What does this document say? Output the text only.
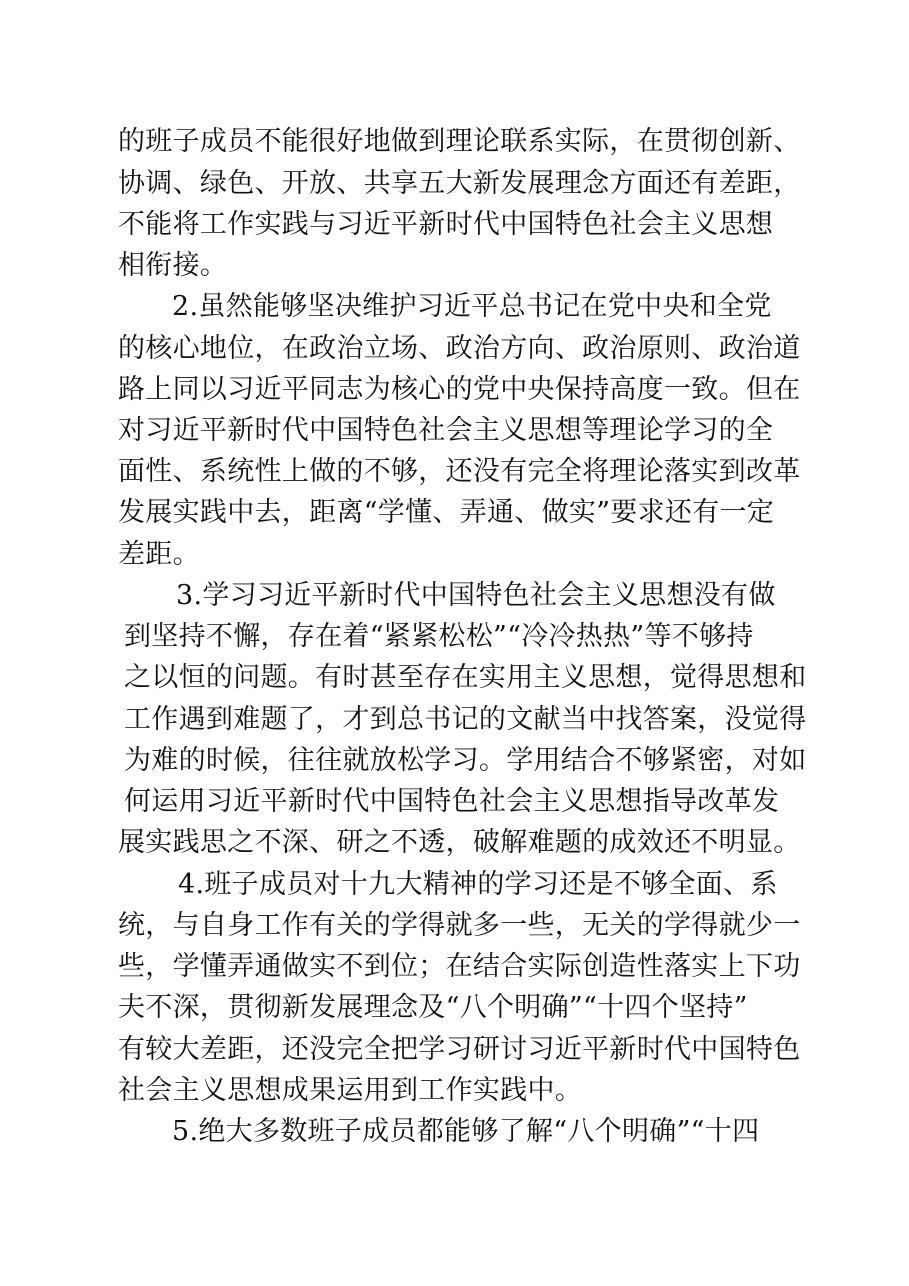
的班子成员不能很好地做到理论联系实际，在贯彻创新、
协调、绿色、开放、共享五大新发展理念方面还有差距，
不能将工作实践与习近平新时代中国特色社会主义思想
相衔接。
2.虽然能够坚决维护习近平总书记在党中央和全党
的核心地位，在政治立场、政治方向、政治原则、政治道
路上同以习近平同志为核心的党中央保持高度一致。但在
对习近平新时代中国特色社会主义思想等理论学习的全
面性、系统性上做的不够，还没有完全将理论落实到改革
发展实践中去，距离“学懂、弄通、做实”要求还有一定
差距。
3.学习习近平新时代中国特色社会主义思想没有做
到坚持不懈，存在着“紧紧松松”“冷冷热热”等不够持
之以恒的问题。有时甚至存在实用主义思想，觉得思想和
工作遇到难题了，才到总书记的文献当中找答案，没觉得
为难的时候，往往就放松学习。学用结合不够紧密，对如
何运用习近平新时代中国特色社会主义思想指导改革发
展实践思之不深、研之不透，破解难题的成效还不明显。
4.班子成员对十九大精神的学习还是不够全面、系
统，与自身工作有关的学得就多一些，无关的学得就少一
些，学懂弄通做实不到位；在结合实际创造性落实上下功
夫不深，贯彻新发展理念及“八个明确”“十四个坚持”
有较大差距，还没完全把学习研讨习近平新时代中国特色
社会主义思想成果运用到工作实践中。
5.绝大多数班子成员都能够了解“八个明确”“十四
